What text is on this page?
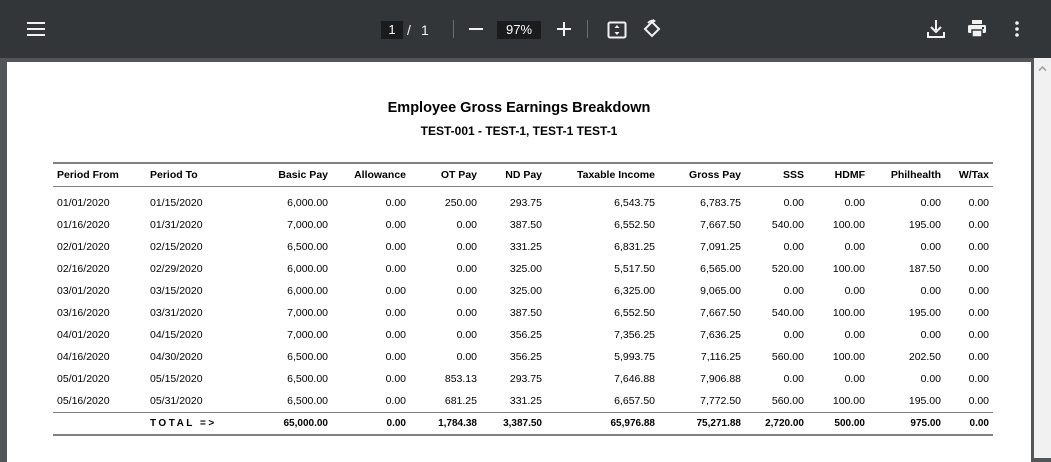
1 / 1	97%
Employee Gross Earnings Breakdown
TEST-001 - TEST-1, TEST-1 TEST-1
Period From	Period To	Basic Pay	Allowance	OT Pay	ND Pay	Taxable Income	Gross Pay	SSS	HDMF	Philhealth	W/Tax
01/01/2020	01/15/2020	6,000.00	0.00	250.00	293.75	6,543.75	6,783.75	0.00	0.00	0.00	0.00
01/16/2020	01/31/2020	7,000.00	0.00	0.00	387.50	6,552.50	7,667.50	540.00	100.00	195.00	0.00
02/01/2020	02/15/2020	6,500.00	0.00	0.00	331.25	6,831.25	7,091.25	0.00	0.00	0.00	0.00
02/16/2020	02/29/2020	6,000.00	0.00	0.00	325.00	5,517.50	6,565.00	520.00	100.00	187.50	0.00
03/01/2020	03/15/2020	6,000.00	0.00	0.00	325.00	6,325.00	9,065.00	0.00	0.00	0.00	0.00
03/16/2020	03/31/2020	7,000.00	0.00	0.00	387.50	6,552.50	7,667.50	540.00	100.00	195.00	0.00
04/01/2020	04/15/2020	7,000.00	0.00	0.00	356.25	7,356.25	7,636.25	0.00	0.00	0.00	0.00
04/16/2020	04/30/2020	6,500.00	0.00	0.00	356.25	5,993.75	7,116.25	560.00	100.00	202.50	0.00
05/01/2020	05/15/2020	6,500.00	0.00	853.13	293.75	7,646.88	7,906.88	0.00	0.00	0.00	0.00
05/16/2020	05/31/2020	6,500.00	0.00	681.25	331.25	6,657.50	7,772.50	560.00	100.00	195.00	0.00
	TOTAL =>	65,000.00	0.00	1,784.38	3,387.50	65,976.88	75,271.88	2,720.00	500.00	975.00	0.00
